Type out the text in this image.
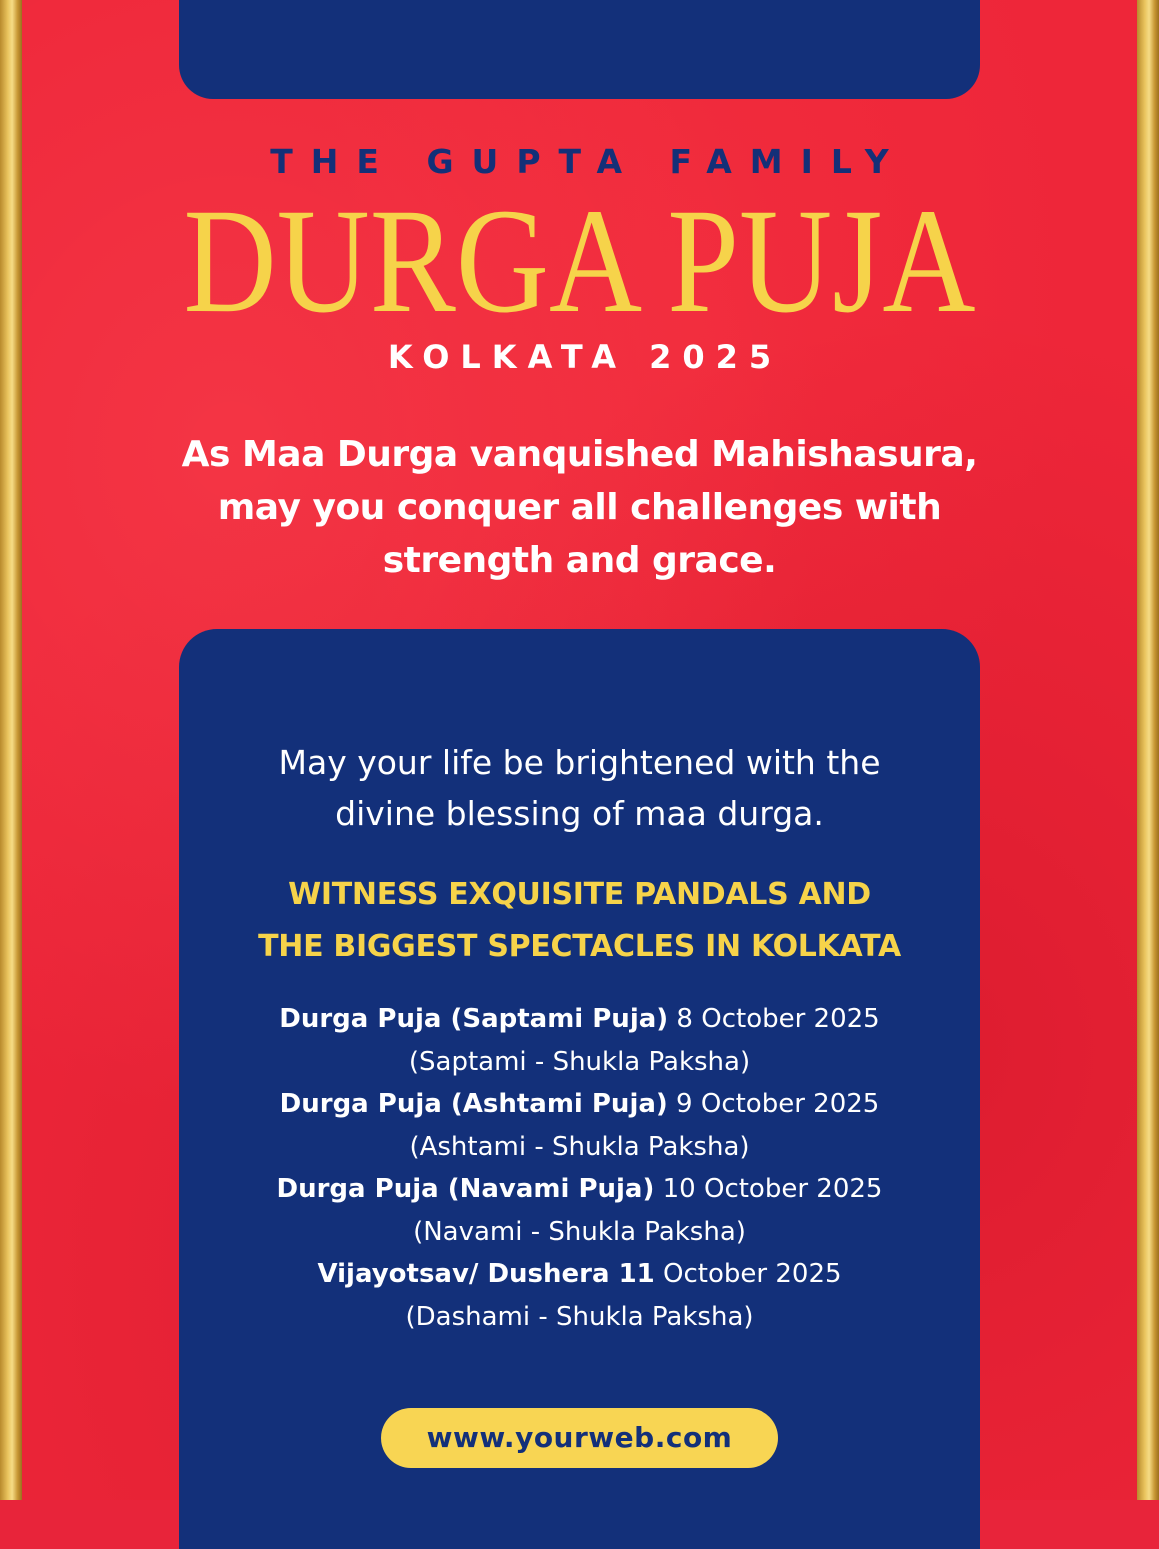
THE GUPTA FAMILY
DURGA PUJA
KOLKATA 2025
As Maa Durga vanquished Mahishasura,
may you conquer all challenges with
strength and grace.
May your life be brightened with the
divine blessing of maa durga.
WITNESS EXQUISITE PANDALS AND
THE BIGGEST SPECTACLES IN KOLKATA
Durga Puja (Saptami Puja) 8 October 2025
(Saptami - Shukla Paksha)
Durga Puja (Ashtami Puja) 9 October 2025
(Ashtami - Shukla Paksha)
Durga Puja (Navami Puja) 10 October 2025
(Navami - Shukla Paksha)
Vijayotsav/ Dushera 11 October 2025
(Dashami - Shukla Paksha)
www.yourweb.com
